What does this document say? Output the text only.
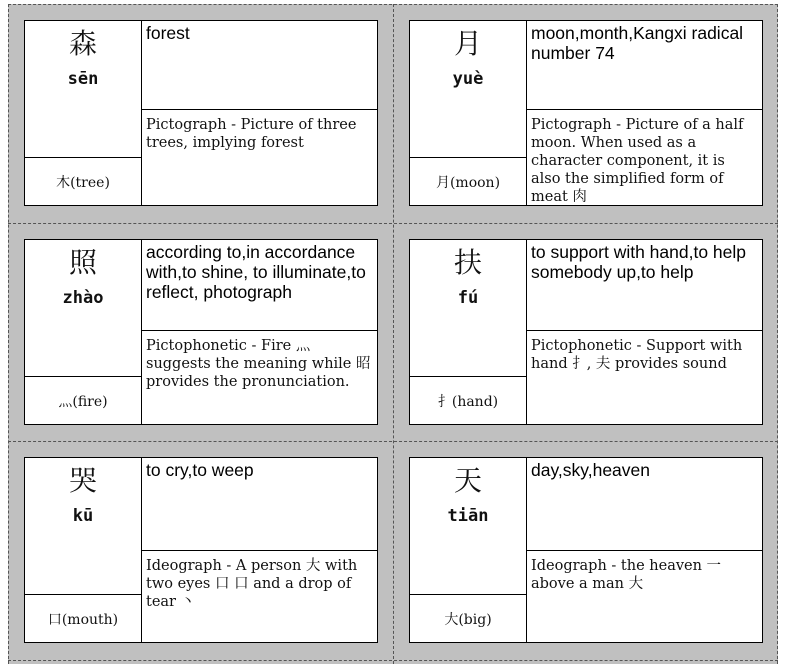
森
sēn
木(tree)
forest
Pictograph - Picture of three trees, implying forest
月
yuè
月(moon)
moon,month,Kangxi radical number 74
Pictograph - Picture of a half moon. When used as a character component, it is also the simplified form of meat 肉
照
zhào
灬(fire)
according to,in accordance with,to shine, to illuminate,to reflect, photograph
Pictophonetic - Fire 灬 suggests the meaning while 昭 provides the pronunciation.
扶
fú
扌(hand)
to support with hand,to help somebody up,to help
Pictophonetic - Support with hand 扌, 夫 provides sound
哭
kū
口(mouth)
to cry,to weep
Ideograph - A person 大 with two eyes 口 口 and a drop of tear 丶
天
tiān
大(big)
day,sky,heaven
Ideograph - the heaven 一 above a man 大
